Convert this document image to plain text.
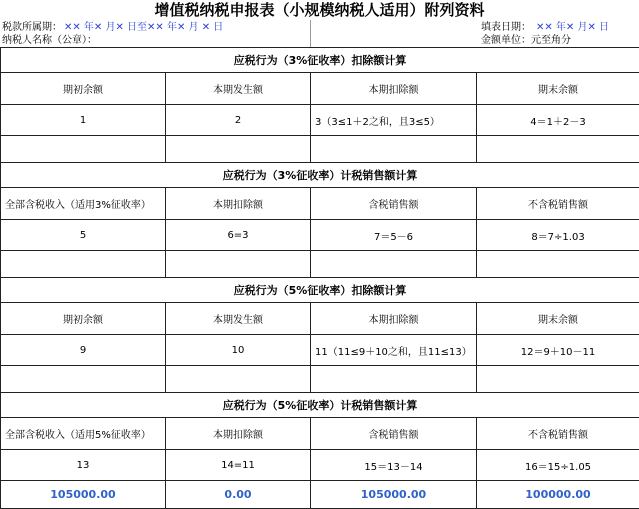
增值税纳税申报表（小规模纳税人适用）附列资料
税款所属期： ✕✕ 年✕ 月✕ 日至✕✕ 年✕ 月 ✕ 日	填表日期： ✕✕ 年✕ 月✕ 日
纳税人名称（公章）：	金额单位：元至角分
应税行为（3%征收率）扣除额计算			
期初余额	本期发生额	本期扣除额	期末余额
1	2	3（3≤1＋2之和，且3≤5）	4＝1＋2－3

应税行为（3%征收率）计税销售额计算			
全部含税收入（适用3%征收率）	本期扣除额	含税销售额	不含税销售额
5	6=3	7＝5－6	8＝7÷1.03

应税行为（5%征收率）扣除额计算			
期初余额	本期发生额	本期扣除额	期末余额
9	10	11（11≤9＋10之和，且11≤13）	12＝9＋10－11

应税行为（5%征收率）计税销售额计算			
全部含税收入（适用5%征收率）	本期扣除额	含税销售额	不含税销售额
13	14=11	15＝13－14	16＝15÷1.05
105000.00	0.00	105000.00	100000.00
